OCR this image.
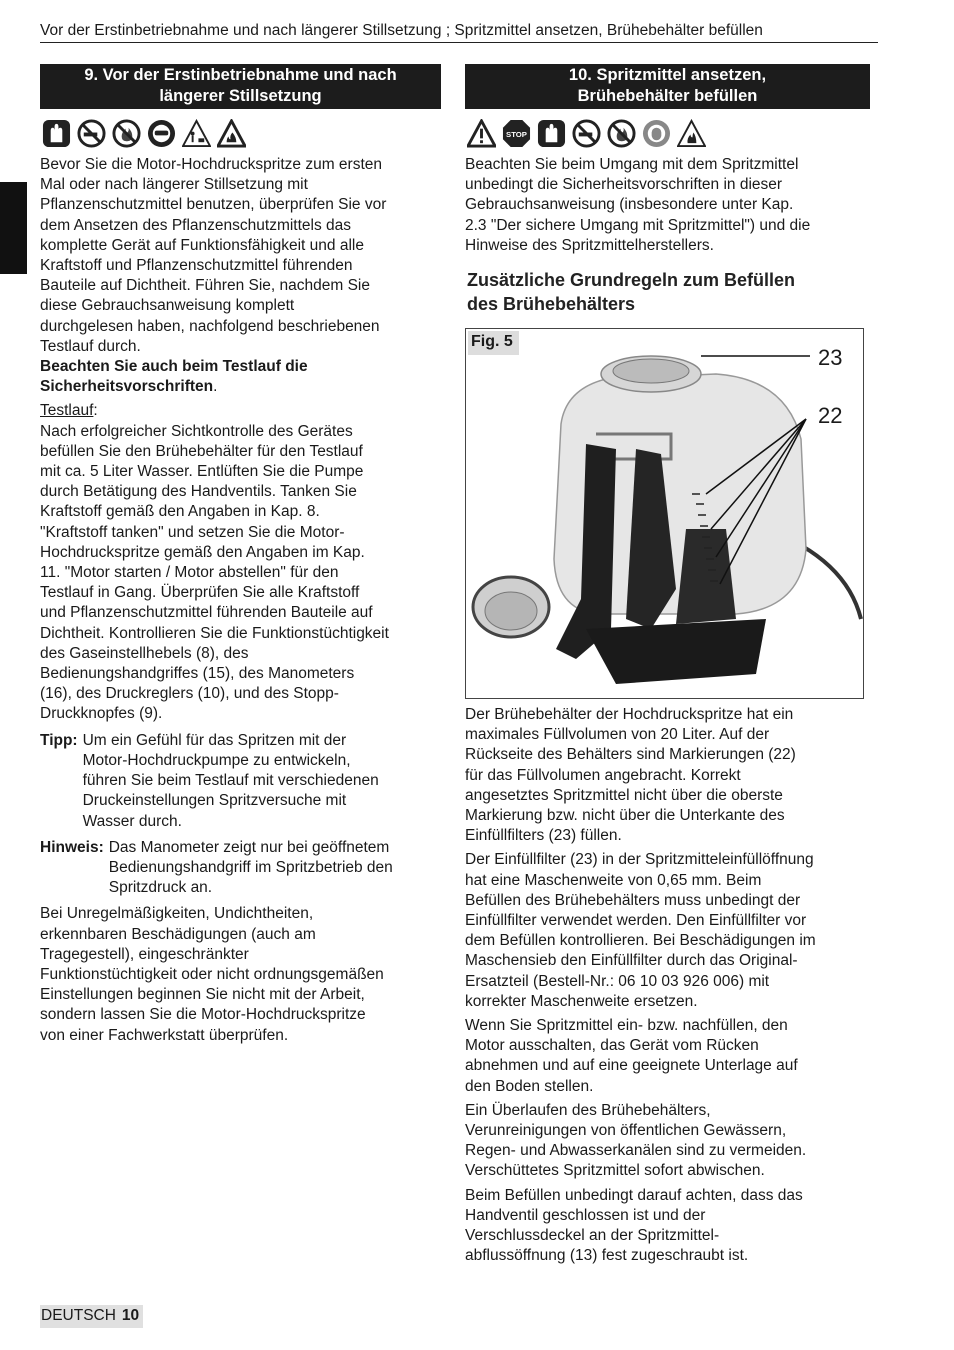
Vor der Erstinbetriebnahme und nach längerer Stillsetzung ; Spritzmittel ansetzen, Brühebehälter befüllen
9. Vor der Erstinbetriebnahme und nach
längerer Stillsetzung

Bevor Sie die Motor-Hochdruckspritze zum ersten

Mal oder nach längerer Stillsetzung mit

Pflanzenschutzmittel benutzen, überprüfen Sie vor

dem Ansetzen des Pflanzenschutzmittels das

komplette Gerät auf Funktionsfähigkeit und alle

Kraftstoff und Pflanzenschutzmittel führenden

Bauteile auf Dichtheit. Führen Sie, nachdem Sie

diese Gebrauchsanweisung komplett

durchgelesen haben, nachfolgend beschriebenen

Testlauf durch.

Beachten Sie auch beim Testlauf die

Sicherheitsvorschriften.

Testlauf:

Nach erfolgreicher Sichtkontrolle des Gerätes

befüllen Sie den Brühebehälter für den Testlauf

mit ca. 5 Liter Wasser. Entlüften Sie die Pumpe

durch Betätigung des Handventils. Tanken Sie

Kraftstoff gemäß den Angaben in Kap. 8.

"Kraftstoff tanken" und setzen Sie die Motor-

Hochdruckspritze gemäß den Angaben im Kap.

11. "Motor starten / Motor abstellen" für den

Testlauf in Gang. Überprüfen Sie alle Kraftstoff

und Pflanzenschutzmittel führenden Bauteile auf

Dichtheit. Kontrollieren Sie die Funktionstüchtigkeit

des Gaseinstellhebels (8), des

Bedienungshandgriffes (15), des Manometers

(16), des Druckreglers (10), und des Stopp-

Druckknopfes (9).

Tipp: Um ein Gefühl für das Spritzen mit der
Motor-Hochdruckpumpe zu entwickeln,
führen Sie beim Testlauf mit verschiedenen
Druckeinstellungen Spritzversuche mit
Wasser durch.
Hinweis: Das Manometer zeigt nur bei geöffnetem
Bedienungshandgriff im Spritzbetrieb den
Spritzdruck an.

Bei Unregelmäßigkeiten, Undichtheiten,

erkennbaren Beschädigungen (auch am

Tragegestell), eingeschränkter

Funktionstüchtigkeit oder nicht ordnungsgemäßen

Einstellungen beginnen Sie nicht mit der Arbeit,

sondern lassen Sie die Motor-Hochdruckspritze

von einer Fachwerkstatt überprüfen.

10. Spritzmittel ansetzen,
Brühebehälter befüllen
STOP

Beachten Sie beim Umgang mit dem Spritzmittel

unbedingt die Sicherheitsvorschriften in dieser

Gebrauchsanweisung (insbesondere unter Kap.

2.3 "Der sichere Umgang mit Spritzmittel") und die

Hinweise des Spritzmittelherstellers.

Zusätzliche Grundregeln zum Befüllen
des Brühebehälters
Fig. 5
23
22

Der Brühebehälter der Hochdruckspritze hat ein

maximales Füllvolumen von 20 Liter. Auf der

Rückseite des Behälters sind Markierungen (22)

für das Füllvolumen angebracht. Korrekt

angesetztes Spritzmittel nicht über die oberste

Markierung bzw. nicht über die Unterkante des

Einfüllfilters (23) füllen.

Der Einfüllfilter (23) in der Spritzmitteleinfüllöffnung

hat eine Maschenweite von 0,65 mm. Beim

Befüllen des Brühebehälters muss unbedingt der

Einfüllfilter verwendet werden. Den Einfüllfilter vor

dem Befüllen kontrollieren. Bei Beschädigungen im

Maschensieb den Einfüllfilter durch das Original-

Ersatzteil (Bestell-Nr.: 06 10 03 926 006) mit

korrekter Maschenweite ersetzen.

Wenn Sie Spritzmittel ein- bzw. nachfüllen, den

Motor ausschalten, das Gerät vom Rücken

abnehmen und auf eine geeignete Unterlage auf

den Boden stellen.

Ein Überlaufen des Brühebehälters,

Verunreinigungen von öffentlichen Gewässern,

Regen- und Abwasserkanälen sind zu vermeiden.

Verschüttetes Spritzmittel sofort abwischen.

Beim Befüllen unbedingt darauf achten, dass das

Handventil geschlossen ist und der

Verschlussdeckel an der Spritzmittel-

abflussöffnung (13) fest zugeschraubt ist.

DEUTSCH 10
